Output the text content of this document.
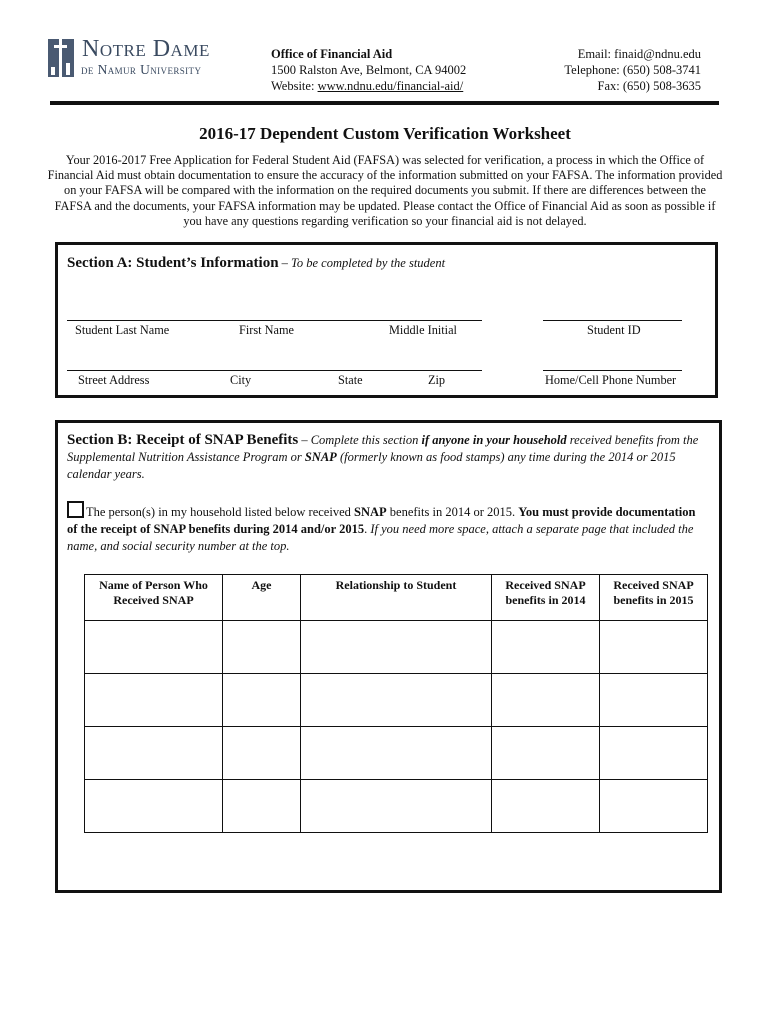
Notre Dame
de Namur University
Office of Financial Aid
1500 Ralston Ave, Belmont, CA 94002
Website: www.ndnu.edu/financial-aid/
Email: finaid@ndnu.edu
Telephone: (650) 508-3741
Fax: (650) 508-3635
2016-17 Dependent Custom Verification Worksheet
Your 2016-2017 Free Application for Federal Student Aid (FAFSA) was selected for verification, a process in which the Office of Financial Aid must obtain documentation to ensure the accuracy of the information submitted on your FAFSA. The information provided on your FAFSA will be compared with the information on the required documents you submit. If there are differences between the FAFSA and the documents, your FAFSA information may be updated. Please contact the Office of Financial Aid as soon as possible if you have any questions regarding verification so your financial aid is not delayed.
Section A: Student’s Information – To be completed by the student
Student Last Name	First Name	Middle Initial	Student ID
Street Address	City	State	Zip	Home/Cell Phone Number
Section B: Receipt of SNAP Benefits – Complete this section if anyone in your household received benefits from the Supplemental Nutrition Assistance Program or SNAP (formerly known as food stamps) any time during the 2014 or 2015 calendar years.
The person(s) in my household listed below received SNAP benefits in 2014 or 2015. You must provide documentation of the receipt of SNAP benefits during 2014 and/or 2015. If you need more space, attach a separate page that included the name, and social security number at the top.
Name of Person Who Received SNAP	Age	Relationship to Student	Received SNAP benefits in 2014	Received SNAP benefits in 2015
